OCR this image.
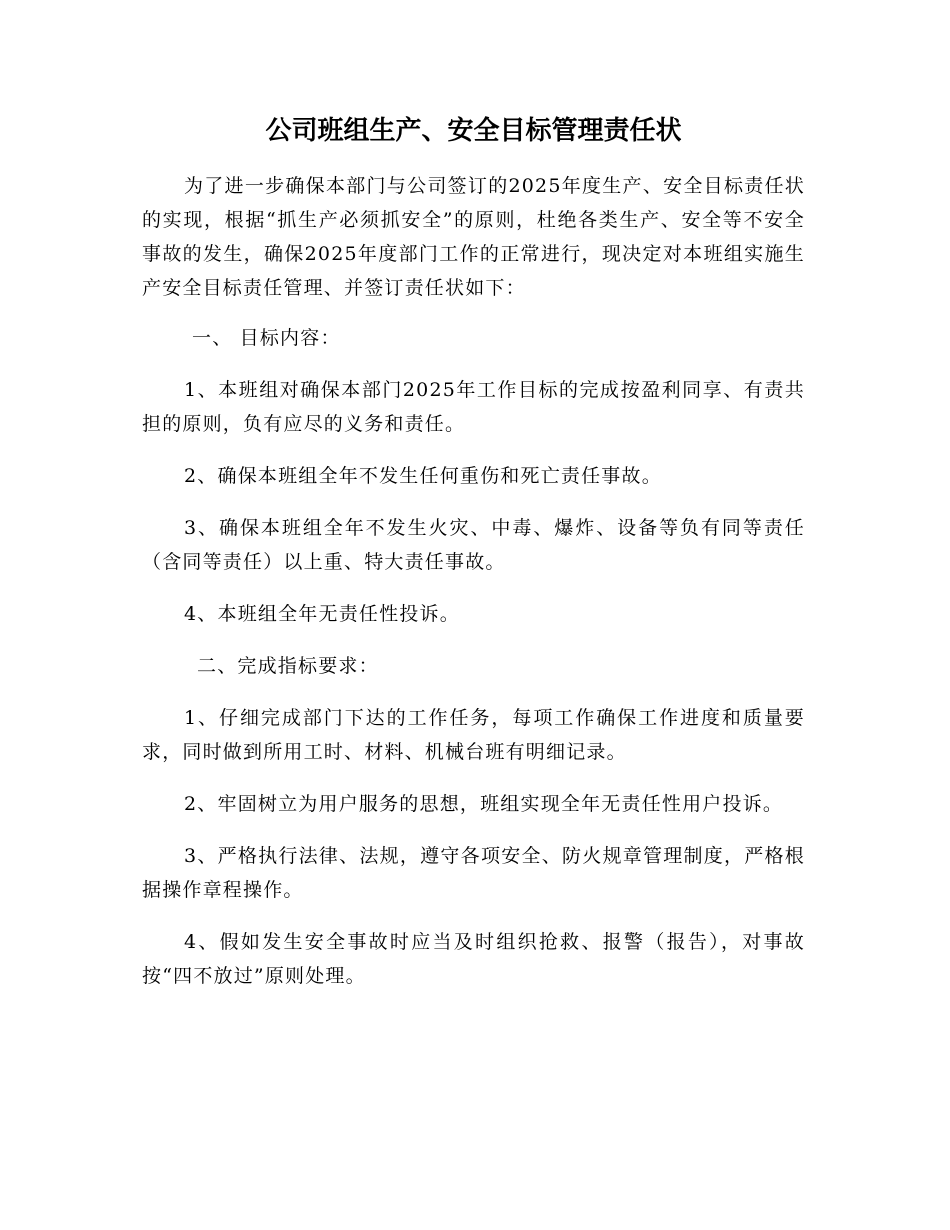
公司班组生产、安全目标管理责任状

为了进一步确保本部门与公司签订的2025年度生产、安全目标责任状的实现，根据“抓生产必须抓安全”的原则，杜绝各类生产、安全等不安全事故的发生，确保2025年度部门工作的正常进行，现决定对本班组实施生产安全目标责任管理、并签订责任状如下：

一、 目标内容：

1、本班组对确保本部门2025年工作目标的完成按盈利同享、有责共担的原则，负有应尽的义务和责任。

2、确保本班组全年不发生任何重伤和死亡责任事故。

3、确保本班组全年不发生火灾、中毒、爆炸、设备等负有同等责任（含同等责任）以上重、特大责任事故。

4、本班组全年无责任性投诉。

二、完成指标要求：

1、仔细完成部门下达的工作任务，每项工作确保工作进度和质量要求，同时做到所用工时、材料、机械台班有明细记录。

2、牢固树立为用户服务的思想，班组实现全年无责任性用户投诉。

3、严格执行法律、法规，遵守各项安全、防火规章管理制度，严格根据操作章程操作。

4、假如发生安全事故时应当及时组织抢救、报警（报告），对事故按“四不放过”原则处理。
